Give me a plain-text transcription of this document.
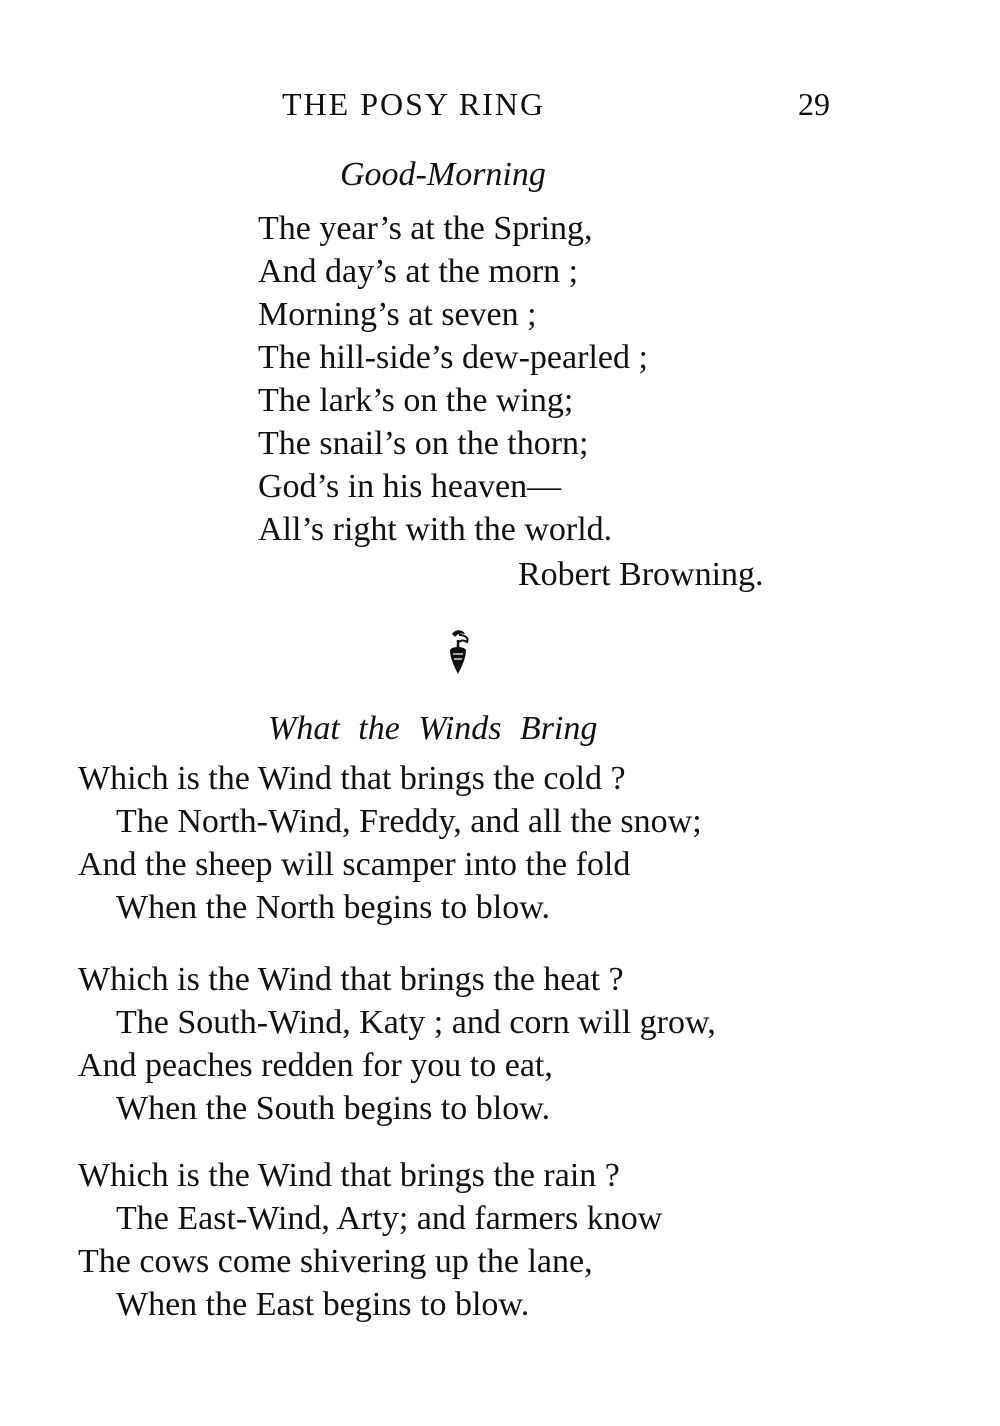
THE POSY RING	29
Good-Morning
The year’s at the Spring,
And day’s at the morn ;
Morning’s at seven ;
The hill-side’s dew-pearled ;
The lark’s on the wing;
The snail’s on the thorn;
God’s in his heaven—
All’s right with the world.
Robert Browning.
What the Winds Bring
Which is the Wind that brings the cold ?
The North-Wind, Freddy, and all the snow;
And the sheep will scamper into the fold
When the North begins to blow.
Which is the Wind that brings the heat ?
The South-Wind, Katy ; and corn will grow,
And peaches redden for you to eat,
When the South begins to blow.
Which is the Wind that brings the rain ?
The East-Wind, Arty; and farmers know
The cows come shivering up the lane,
When the East begins to blow.
